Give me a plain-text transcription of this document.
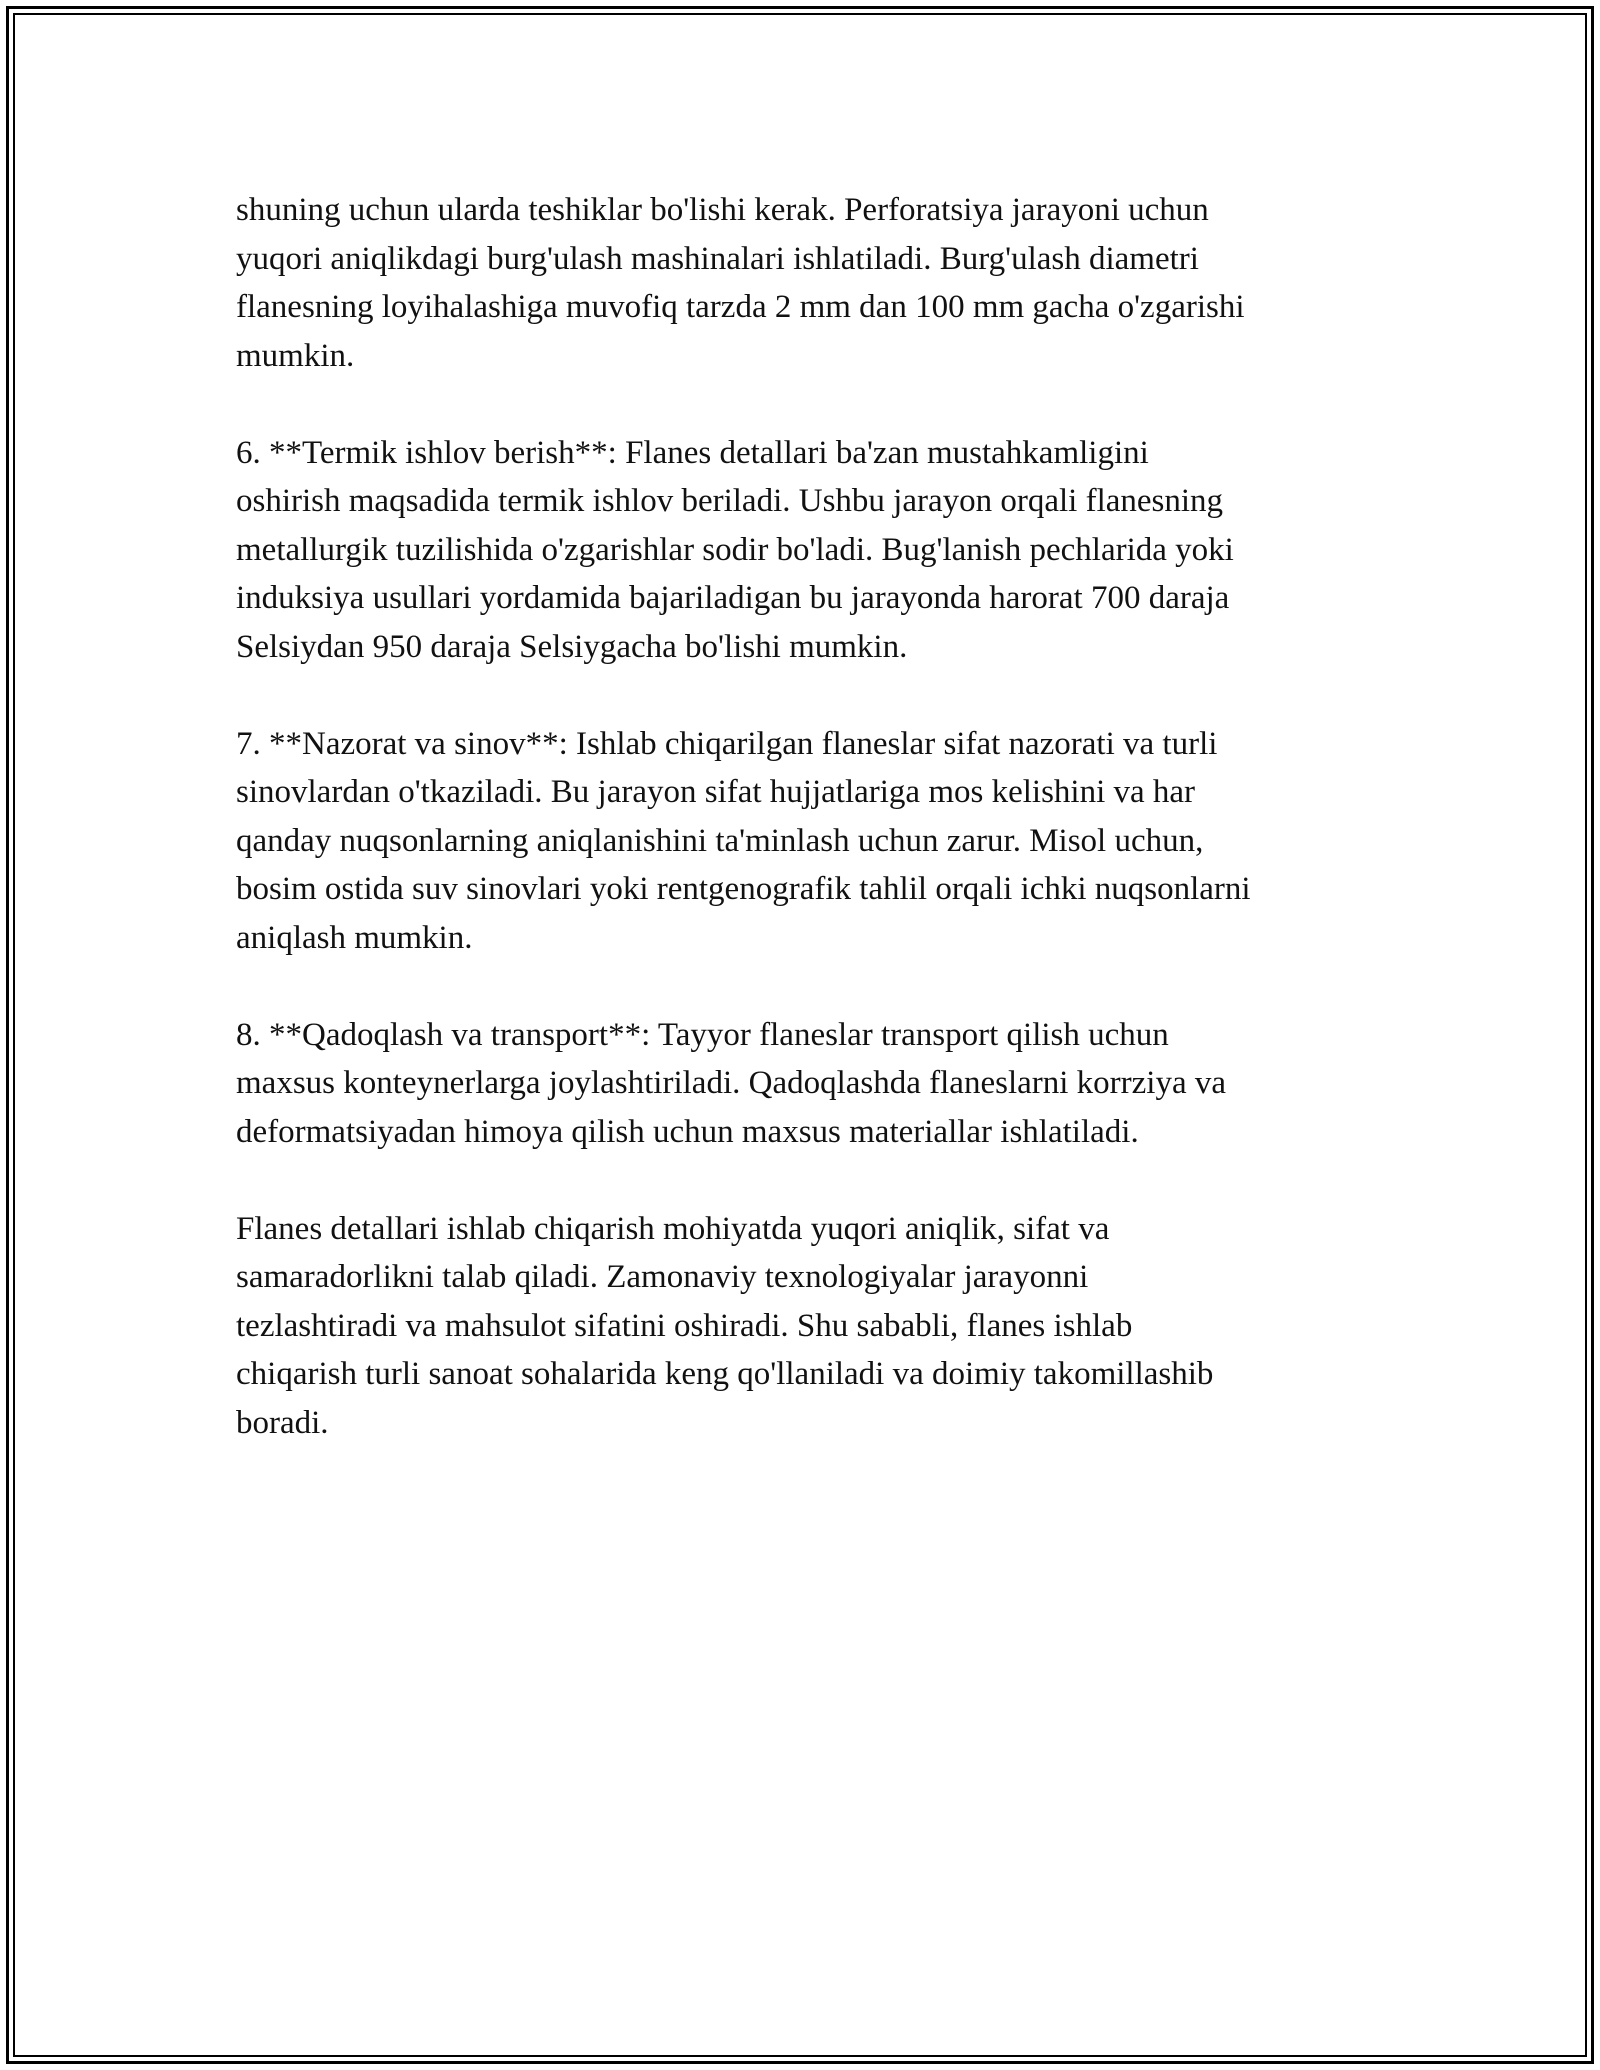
shuning uchun ularda teshiklar bo'lishi kerak. Perforatsiya jarayoni uchun
yuqori aniqlikdagi burg'ulash mashinalari ishlatiladi. Burg'ulash diametri
flanesning loyihalashiga muvofiq tarzda 2 mm dan 100 mm gacha o'zgarishi
mumkin.

6. **Termik ishlov berish**: Flanes detallari ba'zan mustahkamligini
oshirish maqsadida termik ishlov beriladi. Ushbu jarayon orqali flanesning
metallurgik tuzilishida o'zgarishlar sodir bo'ladi. Bug'lanish pechlarida yoki
induksiya usullari yordamida bajariladigan bu jarayonda harorat 700 daraja
Selsiydan 950 daraja Selsiygacha bo'lishi mumkin.

7. **Nazorat va sinov**: Ishlab chiqarilgan flaneslar sifat nazorati va turli
sinovlardan o'tkaziladi. Bu jarayon sifat hujjatlariga mos kelishini va har
qanday nuqsonlarning aniqlanishini ta'minlash uchun zarur. Misol uchun,
bosim ostida suv sinovlari yoki rentgenografik tahlil orqali ichki nuqsonlarni
aniqlash mumkin.

8. **Qadoqlash va transport**: Tayyor flaneslar transport qilish uchun
maxsus konteynerlarga joylashtiriladi. Qadoqlashda flaneslarni korrziya va
deformatsiyadan himoya qilish uchun maxsus materiallar ishlatiladi.

Flanes detallari ishlab chiqarish mohiyatda yuqori aniqlik, sifat va
samaradorlikni talab qiladi. Zamonaviy texnologiyalar jarayonni
tezlashtiradi va mahsulot sifatini oshiradi. Shu sababli, flanes ishlab
chiqarish turli sanoat sohalarida keng qo'llaniladi va doimiy takomillashib
boradi.
